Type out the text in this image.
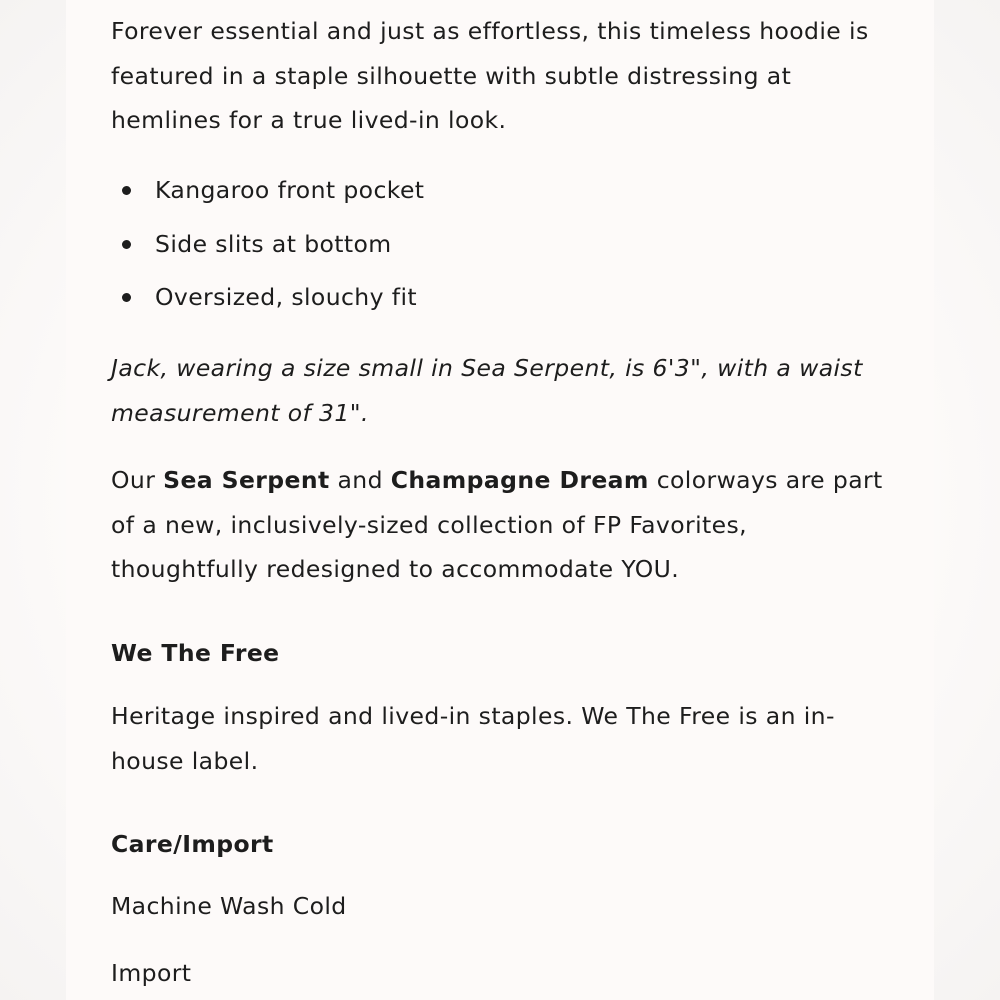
Forever essential and just as effortless, this timeless hoodie is featured in a staple silhouette with subtle distressing at hemlines for a true lived-in look.

Kangaroo front pocket
Side slits at bottom
Oversized, slouchy fit

Jack, wearing a size small in Sea Serpent, is 6'3", with a waist measurement of 31".

Our Sea Serpent and Champagne Dream colorways are part of a new, inclusively-sized collection of FP Favorites, thoughtfully redesigned to accommodate YOU.

We The Free

Heritage inspired and lived-in staples. We The Free is an in-house label.

Care/Import
Machine Wash Cold
Import
